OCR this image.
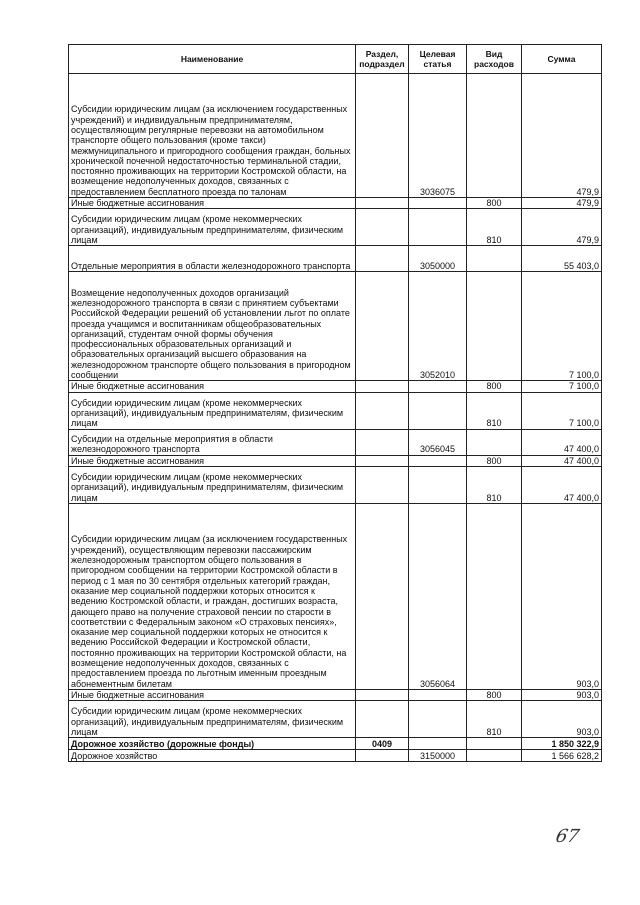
Наименование	Раздел, подраздел	Целевая статья	Вид расходов	Сумма
Субсидии юридическим лицам (за исключением государственных учреждений) и индивидуальным предпринимателям, осуществляющим регулярные перевозки на автомобильном транспорте общего пользования (кроме такси) межмуниципального и пригородного сообщения граждан, больных хронической почечной недостаточностью терминальной стадии, постоянно проживающих на территории Костромской области, на возмещение недополученных доходов, связанных с предоставлением бесплатного проезда по талонам		3036075		479,9
Иные бюджетные ассигнования			800	479,9
Субсидии юридическим лицам (кроме некоммерческих организаций), индивидуальным предпринимателям, физическим лицам			810	479,9
Отдельные мероприятия в области железнодорожного транспорта		3050000		55 403,0
Возмещение недополученных доходов организаций железнодорожного транспорта в связи с принятием субъектами Российской Федерации решений об установлении льгот по оплате проезда учащимся и воспитанникам общеобразовательных организаций, студентам очной формы обучения профессиональных образовательных организаций и образовательных организаций высшего образования на железнодорожном транспорте общего пользования в пригородном сообщении		3052010		7 100,0
Иные бюджетные ассигнования			800	7 100,0
Субсидии юридическим лицам (кроме некоммерческих организаций), индивидуальным предпринимателям, физическим лицам			810	7 100,0
Субсидии на отдельные мероприятия в области железнодорожного транспорта		3056045		47 400,0
Иные бюджетные ассигнования			800	47 400,0
Субсидии юридическим лицам (кроме некоммерческих организаций), индивидуальным предпринимателям, физическим лицам			810	47 400,0
Субсидии юридическим лицам (за исключением государственных учреждений), осуществляющим перевозки пассажирским железнодорожным транспортом общего пользования в пригородном сообщении на территории Костромской области в период с 1 мая по 30 сентября отдельных категорий граждан, оказание мер социальной поддержки которых относится к ведению Костромской области, и граждан, достигших возраста, дающего право на получение страховой пенсии по старости в соответствии с Федеральным законом «О страховых пенсиях», оказание мер социальной поддержки которых не относится к ведению Российской Федерации и Костромской области, постоянно проживающих на территории Костромской области, на возмещение недополученных доходов, связанных с предоставлением проезда по льготным именным проездным абонементным билетам		3056064		903,0
Иные бюджетные ассигнования			800	903,0
Субсидии юридическим лицам (кроме некоммерческих организаций), индивидуальным предпринимателям, физическим лицам			810	903,0
Дорожное хозяйство (дорожные фонды)	0409			1 850 322,9
Дорожное хозяйство		3150000		1 566 628,2
67
